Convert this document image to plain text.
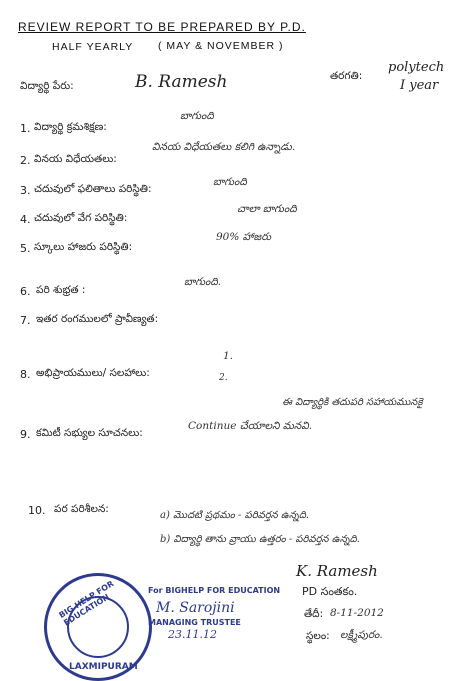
REVIEW REPORT TO BE PREPARED BY P.D.
HALF YEARLY ( MAY & NOVEMBER )
విద్యార్థి పేరు:	B. Ramesh	తరగతి:
polytech
I year
1. విద్యార్థి క్రమశిక్షణ:
బాగుంది
2. వినయ విధేయతలు:
వినయ విధేయతలు కలిగి ఉన్నాడు.
3. చదువులో ఫలితాలు పరిస్థితి:
బాగుంది
4. చదువులో వేగ పరిస్థితి:
చాలా బాగుంది
5. స్కూలు హాజరు పరిస్థితి:
90% హాజరు
6. పరి శుభ్రత :
బాగుంది.
7. ఇతర రంగములలో ప్రావీణ్యత:
8. అభిప్రాయములు/ సలహాలు:
1.
2.
9. కమిటీ సభ్యుల సూచనలు:
ఈ విద్యార్థికి తదుపరి సహాయమునకై
Continue చేయాలని మనవి.
10. పర పరిశీలన:
a) మొదటి ప్రథమం - పరివర్తన ఉన్నది.
b) విద్యార్థి తాను వ్రాయు ఉత్తరం - పరివర్తన ఉన్నది.
BIG HELP FOR EDUCATION
LAXMIPURAM
For BIGHELP FOR EDUCATION
M. Sarojini
MANAGING TRUSTEE
23.11.12
K. Ramesh
PD సంతకం.
తేదీ: 8-11-2012
స్థలం: లక్ష్మీపురం.
